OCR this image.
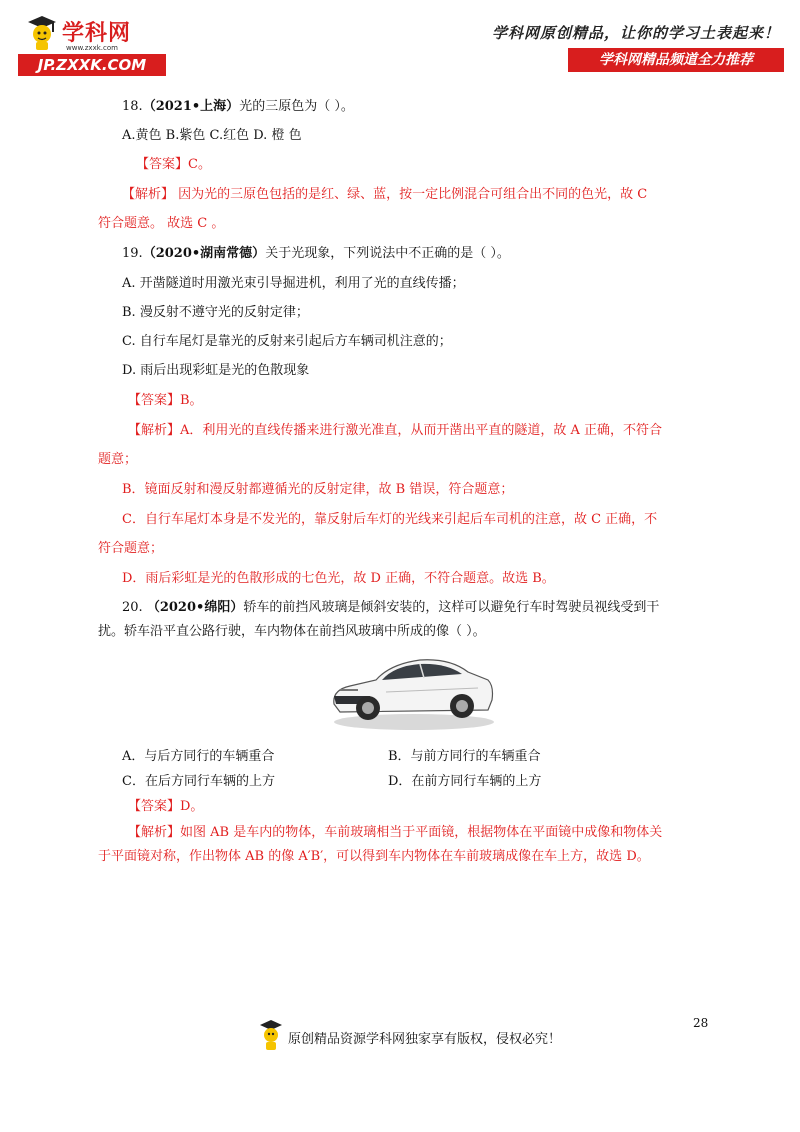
学科网
www.zxxk.com
JP.ZXXK.COM
学科网原创精品，让你的学习土表起来！
学科网精品频道全力推荐
18.（2021•上海）光的三原色为（ ）。
A.黄色 B.紫色 C.红色 D. 橙 色
【答案】C。
【解析】 因为光的三原色包括的是红、绿、蓝，按一定比例混合可组合出不同的色光，故 C
符合题意。 故选 C 。
19.（2020•湖南常德）关于光现象，下列说法中不正确的是（ ）。
A. 开凿隧道时用激光束引导掘进机，利用了光的直线传播；
B. 漫反射不遵守光的反射定律；
C. 自行车尾灯是靠光的反射来引起后方车辆司机注意的；
D. 雨后出现彩虹是光的色散现象
【答案】B。
【解析】A．利用光的直线传播来进行激光准直，从而开凿出平直的隧道，故 A 正确，不符合
题意；
B．镜面反射和漫反射都遵循光的反射定律，故 B 错误，符合题意；
C．自行车尾灯本身是不发光的，靠反射后车灯的光线来引起后车司机的注意，故 C 正确，不
符合题意；
D．雨后彩虹是光的色散形成的七色光，故 D 正确，不符合题意。故选 B。
20. （2020•绵阳）轿车的前挡风玻璃是倾斜安装的，这样可以避免行车时驾驶员视线受到干
扰。轿车沿平直公路行驶，车内物体在前挡风玻璃中所成的像（ ）。
A．与后方同行的车辆重合	B．与前方同行的车辆重合
C．在后方同行车辆的上方	D．在前方同行车辆的上方
【答案】D。
【解析】如图 AB 是车内的物体，车前玻璃相当于平面镜，根据物体在平面镜中成像和物体关
于平面镜对称，作出物体 AB 的像 A′B′，可以得到车内物体在车前玻璃成像在车上方，故选 D。
28
原创精品资源学科网独家享有版权，侵权必究！
